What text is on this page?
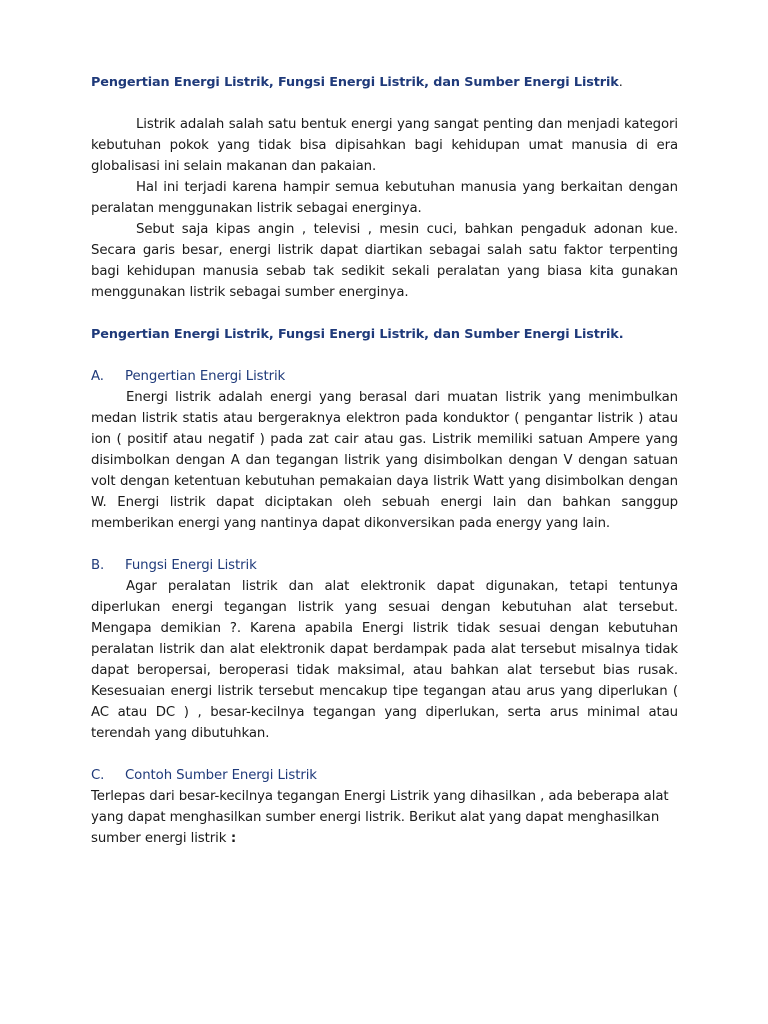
Pengertian Energi Listrik, Fungsi Energi Listrik, dan Sumber Energi Listrik.

Listrik adalah salah satu bentuk energi yang sangat penting dan menjadi kategori kebutuhan pokok yang tidak bisa dipisahkan bagi kehidupan umat manusia di era globalisasi ini selain makanan dan pakaian.

Hal ini terjadi karena hampir semua kebutuhan manusia yang berkaitan dengan peralatan menggunakan listrik sebagai energinya.

Sebut saja kipas angin , televisi , mesin cuci, bahkan pengaduk adonan kue. Secara garis besar, energi listrik dapat diartikan sebagai salah satu faktor terpenting bagi kehidupan manusia sebab tak sedikit sekali peralatan yang biasa kita gunakan menggunakan listrik sebagai sumber energinya.

Pengertian Energi Listrik, Fungsi Energi Listrik, dan Sumber Energi Listrik.
A.	Pengertian Energi Listrik

Energi listrik adalah energi yang berasal dari muatan listrik yang menimbulkan medan listrik statis atau bergeraknya elektron pada konduktor ( pengantar listrik ) atau ion ( positif atau negatif ) pada zat cair atau gas. Listrik memiliki satuan Ampere yang disimbolkan dengan A dan tegangan listrik yang disimbolkan dengan V dengan satuan volt dengan ketentuan kebutuhan pemakaian daya listrik Watt yang disimbolkan dengan W. Energi listrik dapat diciptakan oleh sebuah energi lain dan bahkan sanggup memberikan energi yang nantinya dapat dikonversikan pada energy yang lain.

B.	Fungsi Energi Listrik

Agar peralatan listrik dan alat elektronik dapat digunakan, tetapi tentunya diperlukan energi tegangan listrik yang sesuai dengan kebutuhan alat tersebut. Mengapa demikian ?. Karena apabila Energi listrik tidak sesuai dengan kebutuhan peralatan listrik dan alat elektronik dapat berdampak pada alat tersebut misalnya tidak dapat beropersai, beroperasi tidak maksimal, atau bahkan alat tersebut bias rusak. Kesesuaian energi listrik tersebut mencakup tipe tegangan atau arus yang diperlukan ( AC atau DC ) , besar-kecilnya tegangan yang diperlukan, serta arus minimal atau terendah yang dibutuhkan.

C.	Contoh Sumber Energi Listrik

Terlepas dari besar-kecilnya tegangan Energi Listrik yang dihasilkan , ada beberapa alat yang dapat menghasilkan sumber energi listrik. Berikut alat yang dapat menghasilkan sumber energi listrik :
